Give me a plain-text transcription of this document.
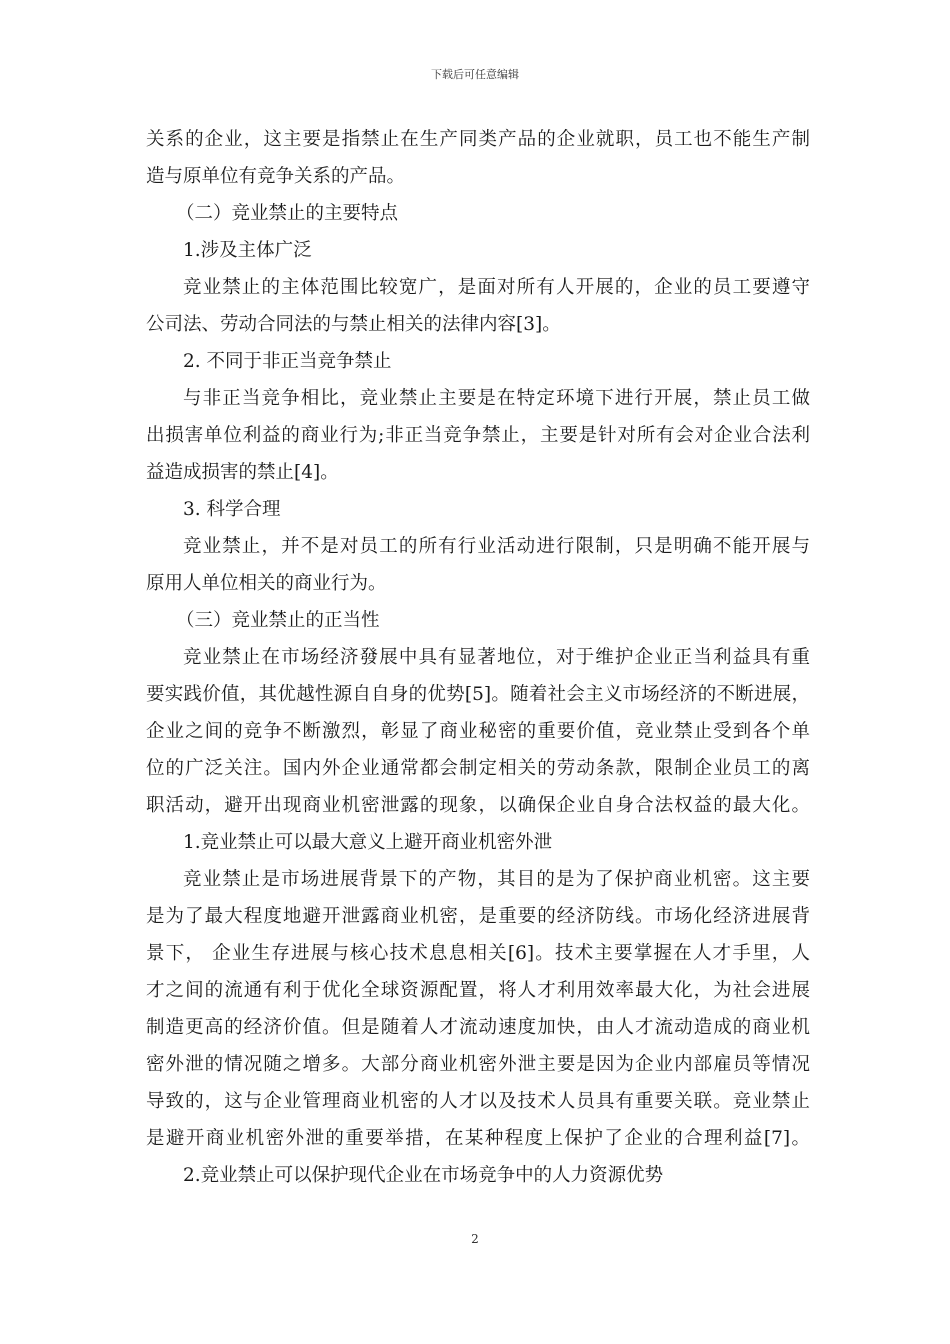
下载后可任意编辑
关系的企业，这主要是指禁止在生产同类产品的企业就职，员工也不能生产制
造与原单位有竞争关系的产品。
（二）竞业禁止的主要特点
1.涉及主体广泛
竞业禁止的主体范围比较宽广，是面对所有人开展的，企业的员工要遵守
公司法、劳动合同法的与禁止相关的法律内容[3]。
2. 不同于非正当竞争禁止
与非正当竞争相比，竞业禁止主要是在特定环境下进行开展，禁止员工做
出损害单位利益的商业行为;非正当竞争禁止，主要是针对所有会对企业合法利
益造成损害的禁止[4]。
3. 科学合理
竞业禁止，并不是对员工的所有行业活动进行限制，只是明确不能开展与
原用人单位相关的商业行为。
（三）竞业禁止的正当性
竞业禁止在市场经济發展中具有显著地位，对于维护企业正当利益具有重
要实践价值，其优越性源自自身的优势[5]。随着社会主义市场经济的不断进展，
企业之间的竞争不断激烈，彰显了商业秘密的重要价值，竞业禁止受到各个单
位的广泛关注。国内外企业通常都会制定相关的劳动条款，限制企业员工的离
职活动，避开出现商业机密泄露的现象，以确保企业自身合法权益的最大化。
1.竞业禁止可以最大意义上避开商业机密外泄
竞业禁止是市场进展背景下的产物，其目的是为了保护商业机密。这主要
是为了最大程度地避开泄露商业机密，是重要的经济防线。市场化经济进展背
景下， 企业生存进展与核心技术息息相关[6]。技术主要掌握在人才手里，人
才之间的流通有利于优化全球资源配置，将人才利用效率最大化，为社会进展
制造更高的经济价值。但是随着人才流动速度加快，由人才流动造成的商业机
密外泄的情况随之增多。大部分商业机密外泄主要是因为企业内部雇员等情况
导致的，这与企业管理商业机密的人才以及技术人员具有重要关联。竞业禁止
是避开商业机密外泄的重要举措，在某种程度上保护了企业的合理利益[7]。
2.竞业禁止可以保护现代企业在市场竞争中的人力资源优势
2
